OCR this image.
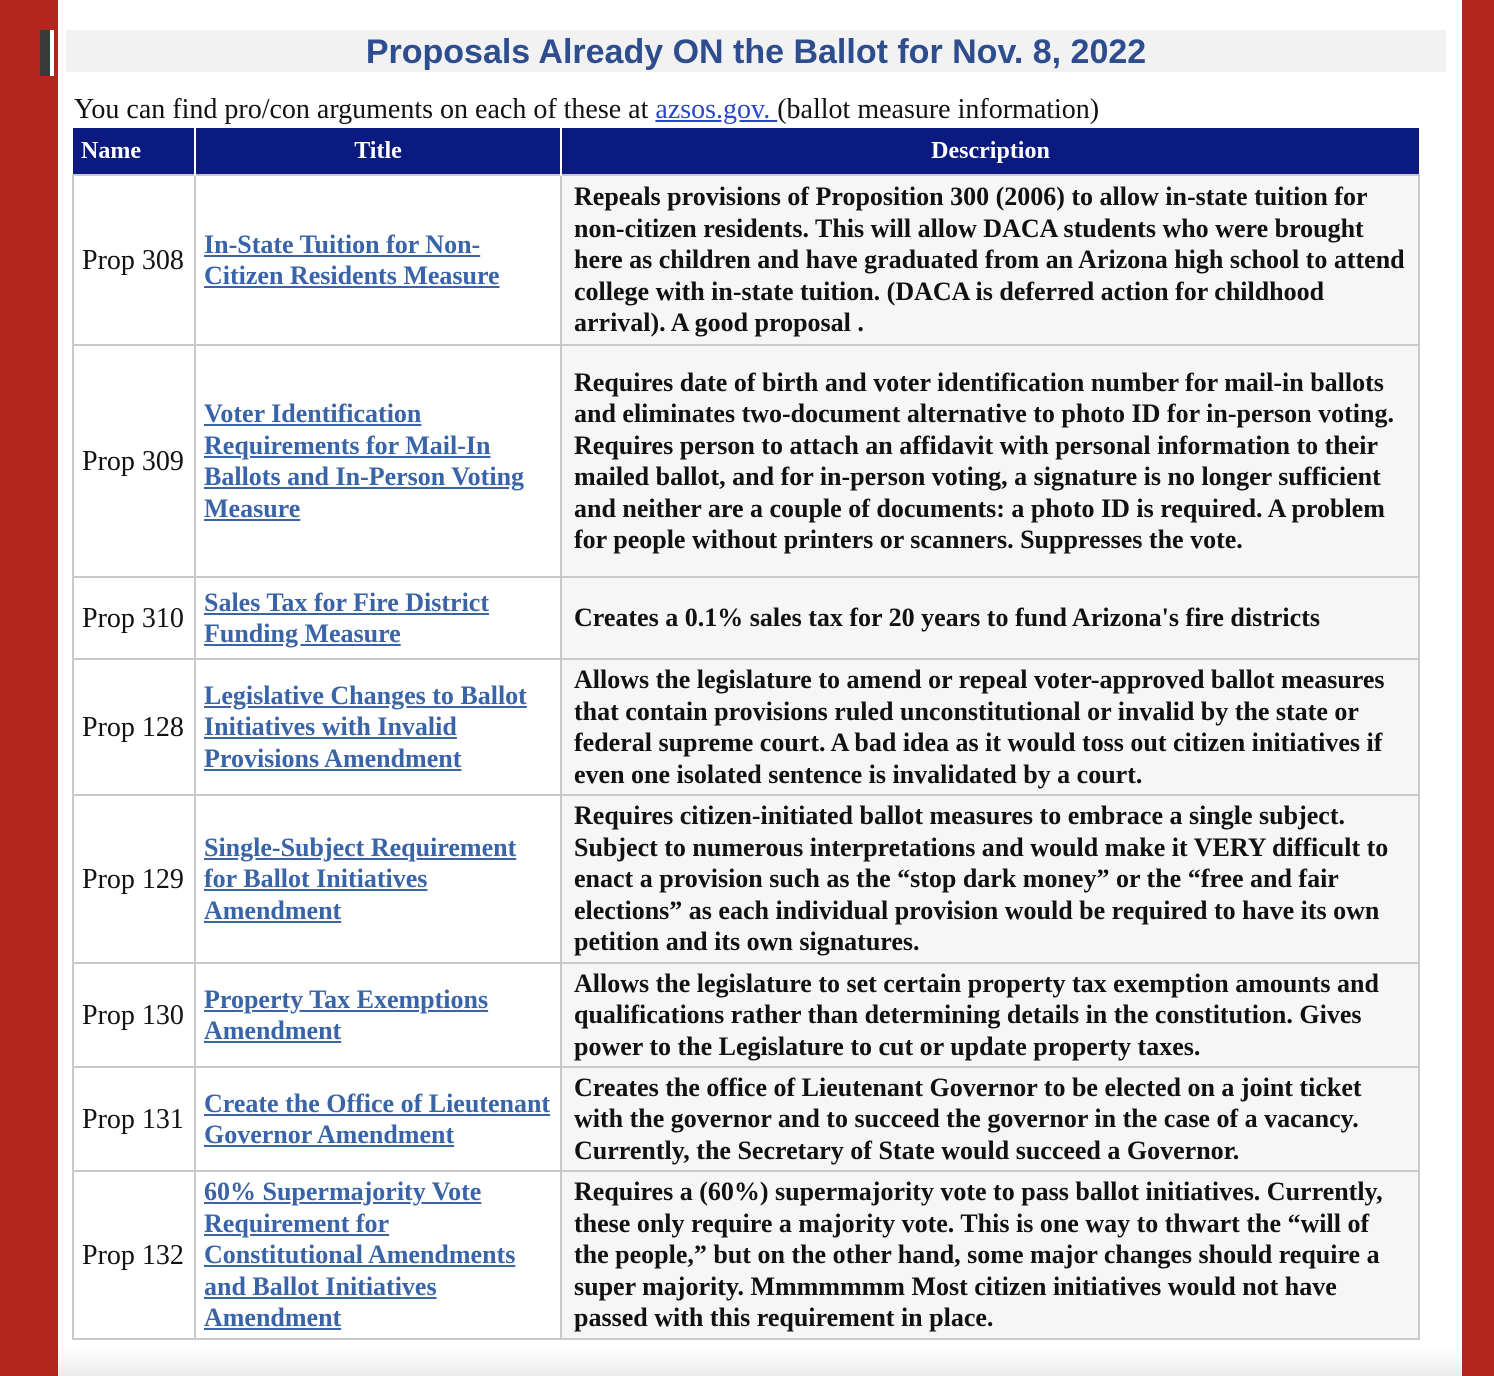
Proposals Already ON the Ballot for Nov. 8, 2022
You can find pro/con arguments on each of these at azsos.gov. (ballot measure information)
Name	Title	Description
Prop 308	In-State Tuition for Non-Citizen Residents Measure	Repeals provisions of Proposition 300 (2006) to allow in-state tuition for non-citizen residents. This will allow DACA students who were brought here as children and have graduated from an Arizona high school to attend college with in-state tuition. (DACA is deferred action for childhood arrival). A good proposal .
Prop 309	Voter Identification Requirements for Mail-In Ballots and In-Person Voting Measure	Requires date of birth and voter identification number for mail-in ballots and eliminates two-document alternative to photo ID for in-person voting. Requires person to attach an affidavit with personal information to their mailed ballot, and for in-person voting, a signature is no longer sufficient and neither are a couple of documents: a photo ID is required. A problem for people without printers or scanners. Suppresses the vote.
Prop 310	Sales Tax for Fire District Funding Measure	Creates a 0.1% sales tax for 20 years to fund Arizona's fire districts
Prop 128	Legislative Changes to Ballot Initiatives with Invalid Provisions Amendment	Allows the legislature to amend or repeal voter-approved ballot measures that contain provisions ruled unconstitutional or invalid by the state or federal supreme court. A bad idea as it would toss out citizen initiatives if even one isolated sentence is invalidated by a court.
Prop 129	Single-Subject Requirement for Ballot Initiatives Amendment	Requires citizen-initiated ballot measures to embrace a single subject. Subject to numerous interpretations and would make it VERY difficult to enact a provision such as the “stop dark money” or the “free and fair elections” as each individual provision would be required to have its own petition and its own signatures.
Prop 130	Property Tax Exemptions Amendment	Allows the legislature to set certain property tax exemption amounts and qualifications rather than determining details in the constitution. Gives power to the Legislature to cut or update property taxes.
Prop 131	Create the Office of Lieutenant Governor Amendment	Creates the office of Lieutenant Governor to be elected on a joint ticket with the governor and to succeed the governor in the case of a vacancy. Currently, the Secretary of State would succeed a Governor.
Prop 132	60% Supermajority Vote Requirement for Constitutional Amendments and Ballot Initiatives Amendment	Requires a (60%) supermajority vote to pass ballot initiatives. Currently, these only require a majority vote. This is one way to thwart the “will of the people,” but on the other hand, some major changes should require a super majority. Mmmmmmm Most citizen initiatives would not have passed with this requirement in place.
